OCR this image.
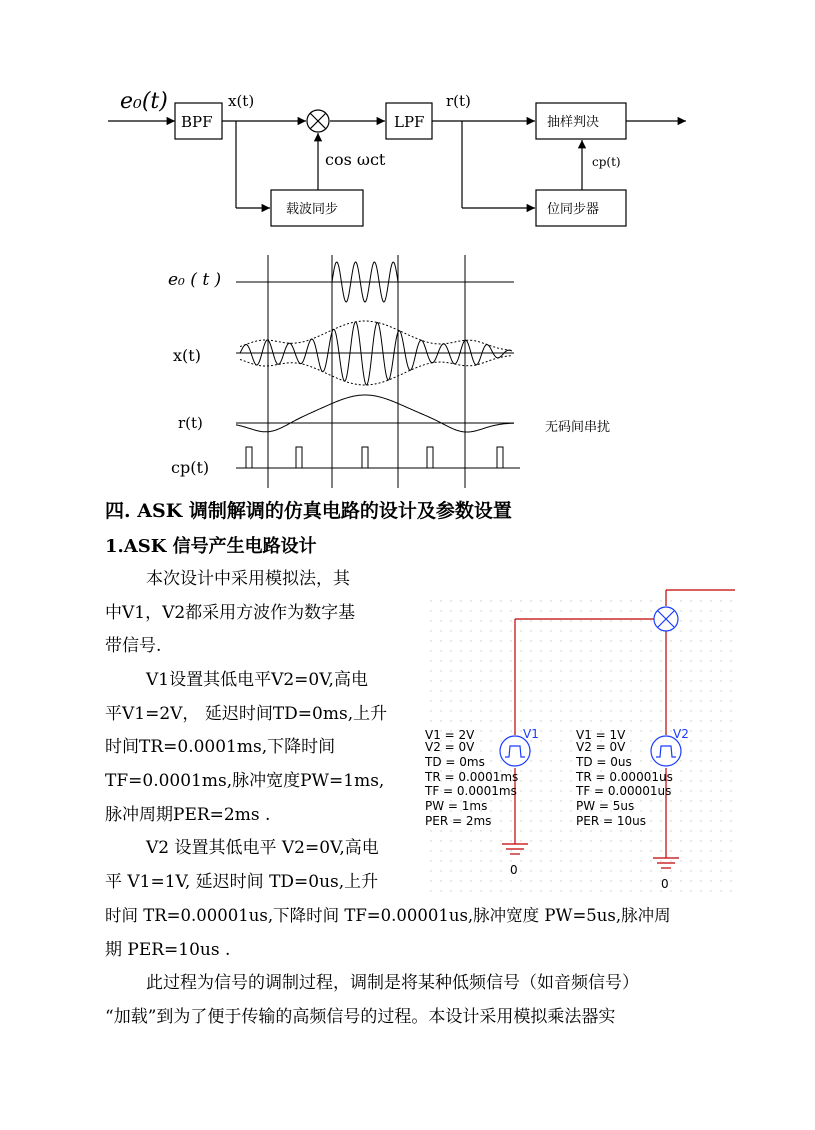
e₀(t)
BPF
x(t)
cos ωᴄt
LPF
r(t)
抽样判决
cp(t)
载波同步	位同步器
e₀ ( t )
x(t)
r(t)
cp(t)
无码间串扰
四. ASK 调制解调的仿真电路的设计及参数设置
1.ASK 信号产生电路设计
本次设计中采用模拟法，其
中V1，V2都采用方波作为数字基
带信号.
V1设置其低电平V2=0V,高电
平V1=2V， 延迟时间TD=0ms,上升
时间TR=0.0001ms,下降时间
TF=0.0001ms,脉冲宽度PW=1ms,
脉冲周期PER=2ms .
V2 设置其低电平 V2=0V,高电
平 V1=1V, 延迟时间 TD=0us,上升
时间 TR=0.00001us,下降时间 TF=0.00001us,脉冲宽度 PW=5us,脉冲周
期 PER=10us .
此过程为信号的调制过程，调制是将某种低频信号（如音频信号）
“加载”到为了便于传输的高频信号的过程。本设计采用模拟乘法器实
V1	V2
V1 = 2V
V2 = 0V
TD = 0ms
TR = 0.0001ms
TF = 0.0001ms
PW = 1ms
PER = 2ms
V1 = 1V
V2 = 0V
TD = 0us
TR = 0.00001us
TF = 0.00001us
PW = 5us
PER = 10us
0
0
